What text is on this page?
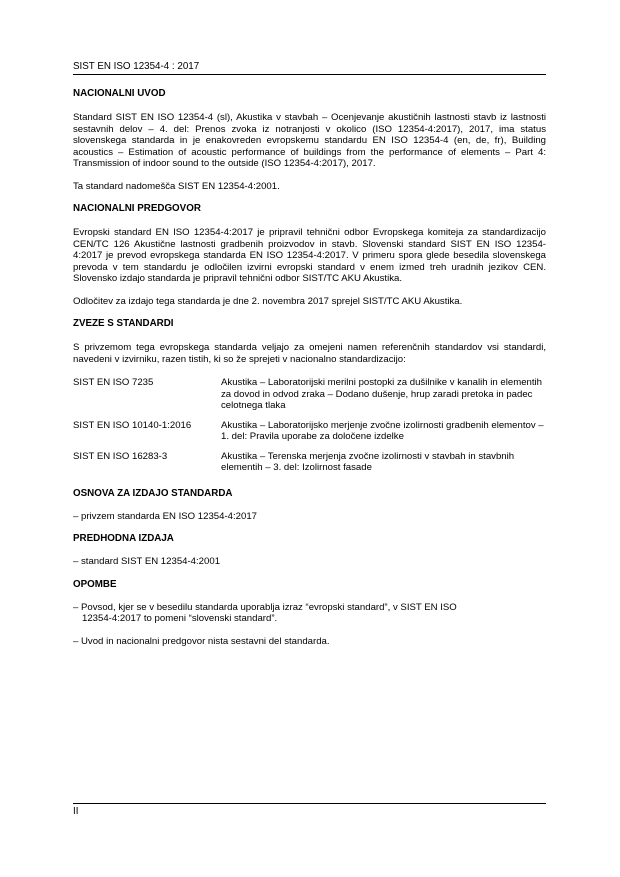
SIST EN ISO 12354-4 : 2017
NACIONALNI UVOD

Standard SIST EN ISO 12354-4 (sl), Akustika v stavbah – Ocenjevanje akustičnih lastnosti stavb iz lastnosti sestavnih delov – 4. del: Prenos zvoka iz notranjosti v okolico (ISO 12354-4:2017), 2017, ima status slovenskega standarda in je enakovreden evropskemu standardu EN ISO 12354-4 (en, de, fr), Building acoustics – Estimation of acoustic performance of buildings from the performance of elements – Part 4: Transmission of indoor sound to the outside (ISO 12354-4:2017), 2017.

Ta standard nadomešča SIST EN 12354-4:2001.

NACIONALNI PREDGOVOR

Evropski standard EN ISO 12354-4:2017 je pripravil tehnični odbor Evropskega komiteja za standardizacijo CEN/TC 126 Akustične lastnosti gradbenih proizvodov in stavb. Slovenski standard SIST EN ISO 12354-4:2017 je prevod evropskega standarda EN ISO 12354-4:2017. V primeru spora glede besedila slovenskega prevoda v tem standardu je odločilen izvirni evropski standard v enem izmed treh uradnih jezikov CEN. Slovensko izdajo standarda je pripravil tehnični odbor SIST/TC AKU Akustika.

Odločitev za izdajo tega standarda je dne 2. novembra 2017 sprejel SIST/TC AKU Akustika.

ZVEZE S STANDARDI

S privzemom tega evropskega standarda veljajo za omejeni namen referenčnih standardov vsi standardi, navedeni v izvirniku, razen tistih, ki so že sprejeti v nacionalno standardizacijo:

SIST EN ISO 7235	Akustika – Laboratorijski merilni postopki za dušilnike v kanalih in elementih za dovod in odvod zraka – Dodano dušenje, hrup zaradi pretoka in padec celotnega tlaka
SIST EN ISO 10140-1:2016	Akustika – Laboratorijsko merjenje zvočne izolirnosti gradbenih elementov – 1. del: Pravila uporabe za določene izdelke
SIST EN ISO 16283-3	Akustika – Terenska merjenja zvočne izolirnosti v stavbah in stavbnih elementih – 3. del: Izolirnost fasade
OSNOVA ZA IZDAJO STANDARDA

– privzem standarda EN ISO 12354-4:2017

PREDHODNA IZDAJA

– standard SIST EN 12354-4:2001

OPOMBE

– Povsod, kjer se v besedilu standarda uporablja izraz “evropski standard”, v SIST EN ISO 12354-4:2017 to pomeni “slovenski standard”.

– Uvod in nacionalni predgovor nista sestavni del standarda.

II
